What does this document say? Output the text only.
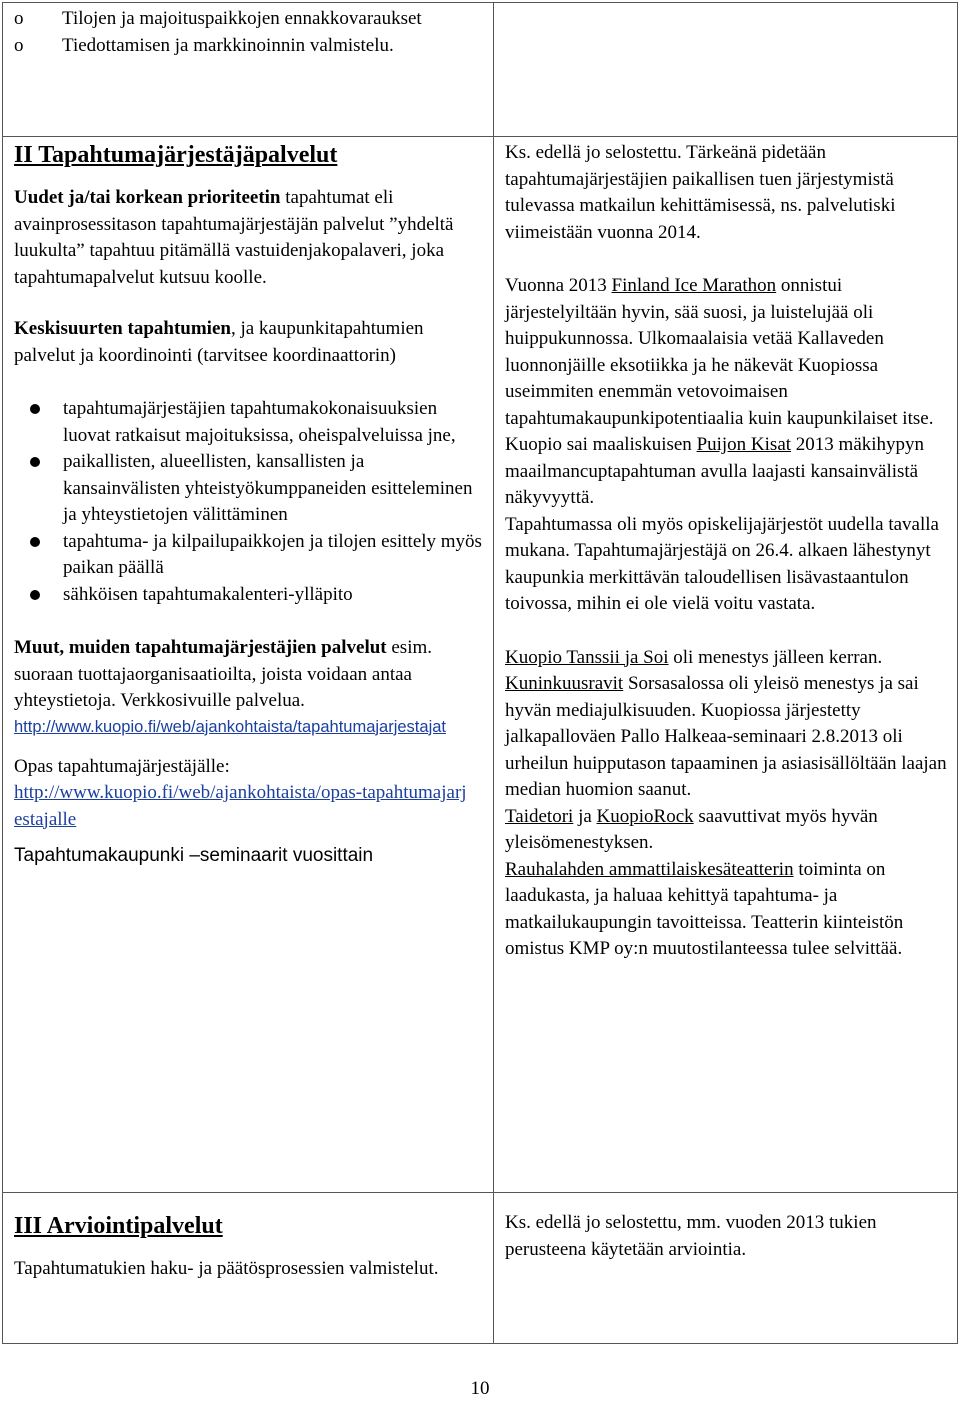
o Tilojen ja majoituspaikkojen ennakkovaraukset
o Tiedottamisen ja markkinoinnin valmistelu.

II Tapahtumajärjestäjäpalvelut

Uudet ja/tai korkean prioriteetin tapahtumat eli avainprosessitason tapahtumajärjestäjän palvelut ”yhdeltä luukulta” tapahtuu pitämällä vastuidenjakopalaveri, joka tapahtumapalvelut kutsuu koolle.

Keskisuurten tapahtumien, ja kaupunkitapahtumien palvelut ja koordinointi (tarvitsee koordinaattorin)

tapahtumajärjestäjien tapahtumakokonaisuuksien luovat ratkaisut majoituksissa, oheispalveluissa jne,
paikallisten, alueellisten, kansallisten ja kansainvälisten yhteistyökumppaneiden esitteleminen ja yhteystietojen välittäminen
tapahtuma- ja kilpailupaikkojen ja tilojen esittely myös paikan päällä
sähköisen tapahtumakalenteri-ylläpito

Muut, muiden tapahtumajärjestäjien palvelut esim. suoraan tuottajaorganisaatioilta, joista voidaan antaa yhteystietoja. Verkkosivuille palvelua.

http://www.kuopio.fi/web/ajankohtaista/tapahtumajarjestajat

Opas tapahtumajärjestäjälle:

http://www.kuopio.fi/web/ajankohtaista/opas-tapahtumajarjestajalle

Tapahtumakaupunki –seminaarit vuosittain

Ks. edellä jo selostettu. Tärkeänä pidetään tapahtumajärjestäjien paikallisen tuen järjestymistä tulevassa matkailun kehittämisessä, ns. palvelutiski viimeistään vuonna 2014.

Vuonna 2013 Finland Ice Marathon onnistui järjestelyiltään hyvin, sää suosi, ja luistelujää oli huippukunnossa. Ulkomaalaisia vetää Kallaveden luonnonjäille eksotiikka ja he näkevät Kuopiossa useimmiten enemmän vetovoimaisen tapahtumakaupunkipotentiaalia kuin kaupunkilaiset itse.

Kuopio sai maaliskuisen Puijon Kisat 2013 mäkihypyn maailmancuptapahtuman avulla laajasti kansainvälistä näkyvyyttä.

Tapahtumassa oli myös opiskelijajärjestöt uudella tavalla mukana. Tapahtumajärjestäjä on 26.4. alkaen lähestynyt kaupunkia merkittävän taloudellisen lisävastaantulon toivossa, mihin ei ole vielä voitu vastata.

Kuopio Tanssii ja Soi oli menestys jälleen kerran. Kuninkuusravit Sorsasalossa oli yleisö menestys ja sai hyvän mediajulkisuuden. Kuopiossa järjestetty jalkapalloväen Pallo Halkeaa-seminaari 2.8.2013 oli urheilun huipputason tapaaminen ja asiasisällöltään laajan median huomion saanut.

Taidetori ja KuopioRock saavuttivat myös hyvän yleisömenestyksen.

Rauhalahden ammattilaiskesäteatterin toiminta on laadukasta, ja haluaa kehittyä tapahtuma- ja matkailukaupungin tavoitteissa. Teatterin kiinteistön omistus KMP oy:n muutostilanteessa tulee selvittää.

III Arviointipalvelut

Tapahtumatukien haku- ja päätösprosessien valmistelut.

Ks. edellä jo selostettu, mm. vuoden 2013 tukien perusteena käytetään arviointia.

10
